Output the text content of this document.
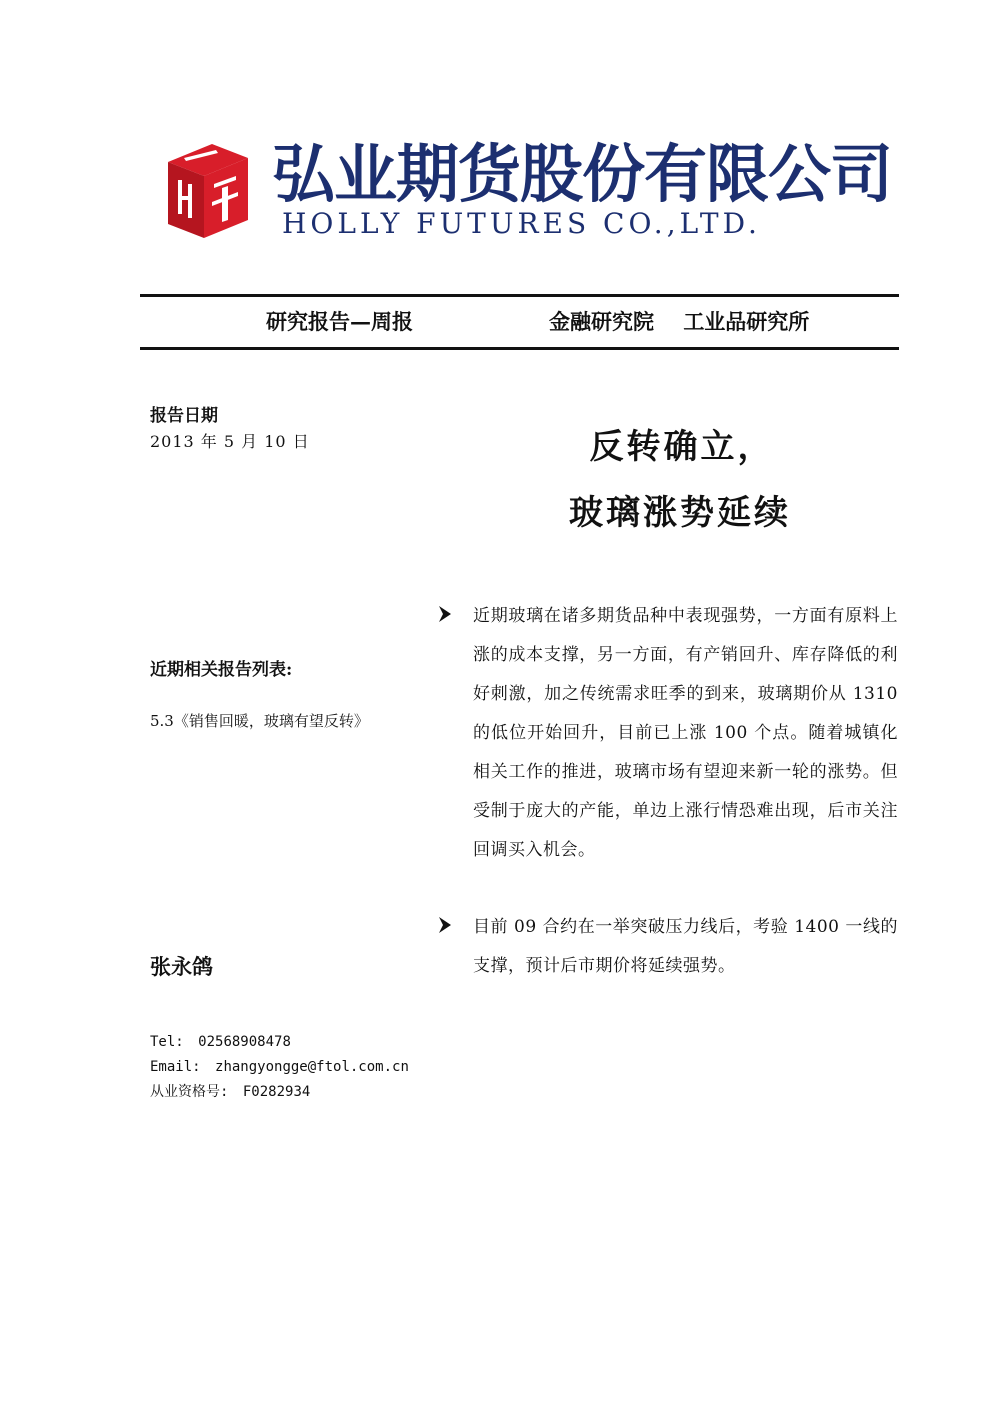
弘业期货股份有限公司
HOLLY FUTURES CO.,LTD.
研究报告—周报	金融研究院 工业品研究所
报告日期
2013 年 5 月 10 日	反转确立，
玻璃涨势延续
近期相关报告列表:
5.3《销售回暖，玻璃有望反转》
近期玻璃在诸多期货品种中表现强势，一方面有原料上涨的成本支撑，另一方面，有产销回升、库存降低的利好刺激，加之传统需求旺季的到来，玻璃期价从 1310 的低位开始回升，目前已上涨 100 个点。随着城镇化相关工作的推进，玻璃市场有望迎来新一轮的涨势。但受制于庞大的产能，单边上涨行情恐难出现，后市关注回调买入机会。
目前 09 合约在一举突破压力线后，考验 1400 一线的支撑，预计后市期价将延续强势。
张永鸽
Tel: 02568908478
Email: zhangyongge@ftol.com.cn
从业资格号: F0282934
